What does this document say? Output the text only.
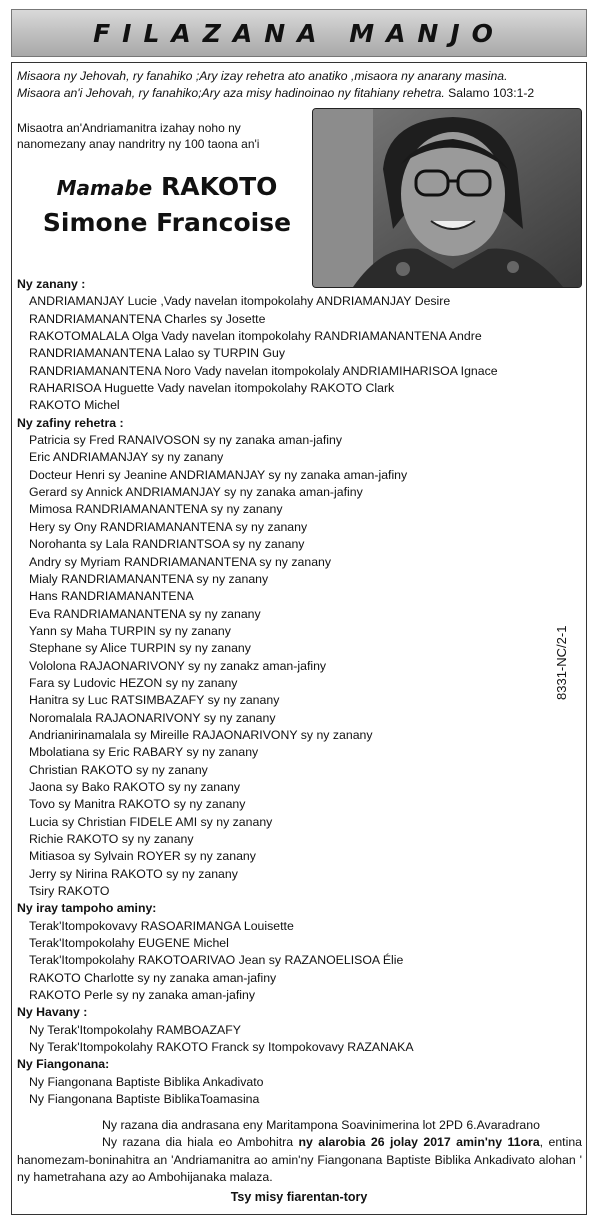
FILAZANA MANJO
Misaora ny Jehovah, ry fanahiko ;Ary izay rehetra ato anatiko ,misaora ny anarany masina.
Misaora an'i Jehovah, ry fanahiko;Ary aza misy hadinoinao ny fitahiany rehetra. Salamo 103:1-2
Misaotra an'Andriamanitra izahay noho ny nanomezany anay nandritry ny 100 taona an'i
Mamabe RAKOTO
Simone Francoise
Ny zanany :
ANDRIAMANJAY Lucie ,Vady navelan itompokolahy ANDRIAMANJAY Desire
RANDRIAMANANTENA Charles sy Josette
RAKOTOMALALA Olga Vady navelan itompokolahy RANDRIAMANANTENA Andre
RANDRIAMANANTENA Lalao sy TURPIN Guy
RANDRIAMANANTENA Noro Vady navelan itompokolaly ANDRIAMIHARISOA Ignace
RAHARISOA Huguette Vady navelan itompokolahy RAKOTO Clark
RAKOTO Michel
Ny zafiny rehetra :
Patricia sy Fred RANAIVOSON sy ny zanaka aman-jafiny
Eric ANDRIAMANJAY sy ny zanany
Docteur Henri sy Jeanine ANDRIAMANJAY sy ny zanaka aman-jafiny
Gerard sy Annick ANDRIAMANJAY sy ny zanaka aman-jafiny
Mimosa RANDRIAMANANTENA sy ny zanany
Hery sy Ony RANDRIAMANANTENA sy ny zanany
Norohanta sy Lala RANDRIANTSOA sy ny zanany
Andry sy Myriam RANDRIAMANANTENA sy ny zanany
Mialy RANDRIAMANANTENA sy ny zanany
Hans RANDRIAMANANTENA
Eva RANDRIAMANANTENA sy ny zanany
Yann sy Maha TURPIN sy ny zanany
Stephane sy Alice TURPIN sy ny zanany
Vololona RAJAONARIVONY sy ny zanakz aman-jafiny
Fara sy Ludovic HEZON sy ny zanany
Hanitra sy Luc RATSIMBAZAFY sy ny zanany
Noromalala RAJAONARIVONY sy ny zanany
Andrianirinamalala sy Mireille RAJAONARIVONY sy ny zanany
Mbolatiana sy Eric RABARY sy ny zanany
Christian RAKOTO sy ny zanany
Jaona sy Bako RAKOTO sy ny zanany
Tovo sy Manitra RAKOTO sy ny zanany
Lucia sy Christian FIDELE AMI sy ny zanany
Richie RAKOTO sy ny zanany
Mitiasoa sy Sylvain ROYER sy ny zanany
Jerry sy Nirina RAKOTO sy ny zanany
Tsiry RAKOTO
Ny iray tampoho aminy:
Terak'Itompokovavy RASOARIMANGA Louisette
Terak'Itompokolahy EUGENE Michel
Terak'Itompokolahy RAKOTOARIVAO Jean sy RAZANOELISOA Élie
RAKOTO Charlotte sy ny zanaka aman-jafiny
RAKOTO Perle sy ny zanaka aman-jafiny
Ny Havany :
Ny Terak'Itompokolahy RAMBOAZAFY
Ny Terak'Itompokolahy RAKOTO Franck sy Itompokovavy RAZANAKA
Ny Fiangonana:
Ny Fiangonana Baptiste Biblika Ankadivato
Ny Fiangonana Baptiste BiblikaToamasina
Ny razana dia andrasana eny Maritampona Soavinimerina lot 2PD 6.Avaradrano
Ny razana dia hiala eo Ambohitra ny alarobia 26 jolay 2017 amin'ny 11ora, entina hanomezam-boninahitra an 'Andriamanitra ao amin'ny Fiangonana Baptiste Biblika Ankadivato alohan ' ny hametrahana azy ao Ambohijanaka malaza.
Tsy misy fiarentan-tory
8331-NC/2-1
